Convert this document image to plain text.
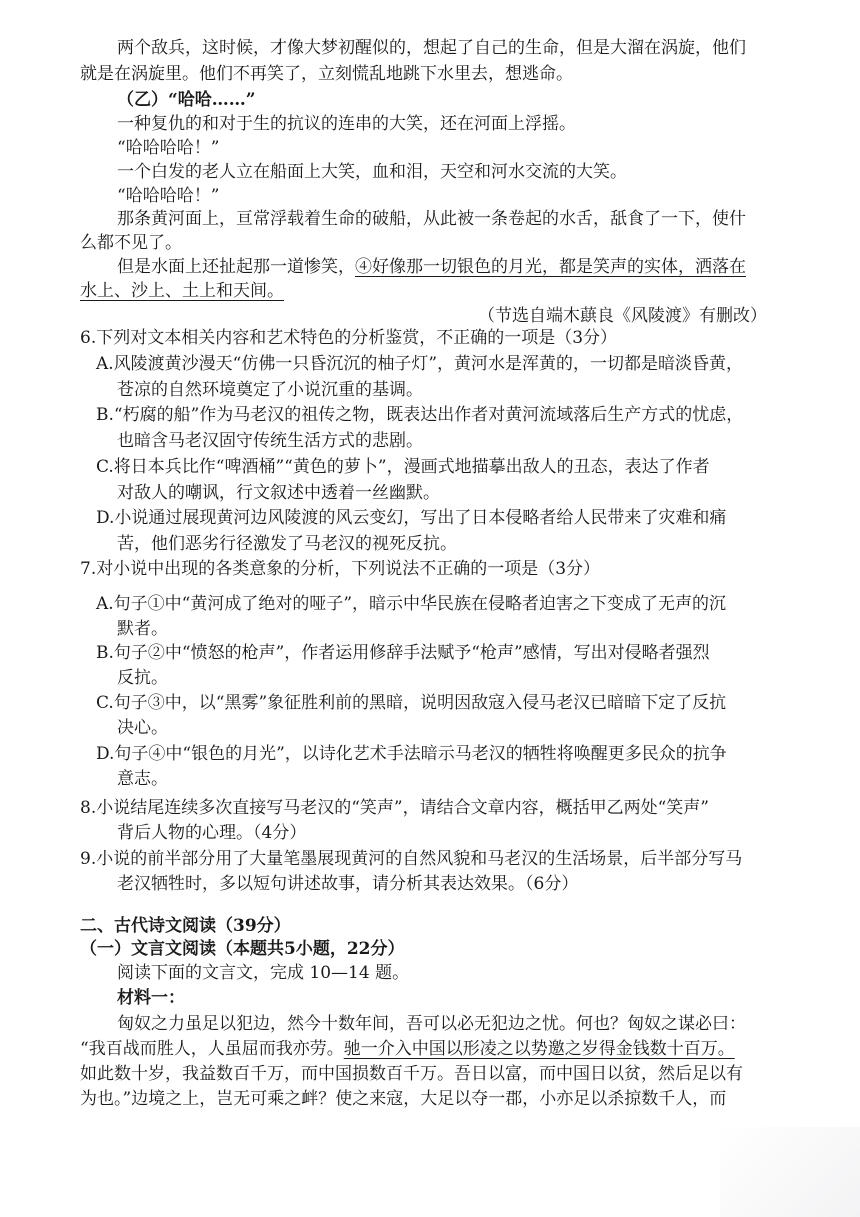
两个敌兵，这时候，才像大梦初醒似的，想起了自己的生命，但是大溜在涡旋，他们
就是在涡旋里。他们不再笑了，立刻慌乱地跳下水里去，想逃命。
（乙）“哈哈……”
一种复仇的和对于生的抗议的连串的大笑，还在河面上浮摇。
“哈哈哈哈！”
一个白发的老人立在船面上大笑，血和泪，天空和河水交流的大笑。
“哈哈哈哈！”
那条黄河面上，亘常浮载着生命的破船，从此被一条卷起的水舌，舐食了一下，使什
么都不见了。
但是水面上还扯起那一道惨笑，④好像那一切银色的月光，都是笑声的实体，洒落在
水上、沙上、土上和天间。
（节选自端木蕻良《风陵渡》有删改）
6.下列对文本相关内容和艺术特色的分析鉴赏，不正确的一项是（3分）
A.风陵渡黄沙漫天“仿佛一只昏沉沉的柚子灯”，黄河水是浑黄的，一切都是暗淡昏黄，
苍凉的自然环境奠定了小说沉重的基调。
B.“朽腐的船”作为马老汉的祖传之物，既表达出作者对黄河流域落后生产方式的忧虑，
也暗含马老汉固守传统生活方式的悲剧。
C.将日本兵比作“啤酒桶”“黄色的萝卜”，漫画式地描摹出敌人的丑态，表达了作者
对敌人的嘲讽，行文叙述中透着一丝幽默。
D.小说通过展现黄河边风陵渡的风云变幻，写出了日本侵略者给人民带来了灾难和痛
苦，他们恶劣行径激发了马老汉的视死反抗。
7.对小说中出现的各类意象的分析，下列说法不正确的一项是（3分）
A.句子①中“黄河成了绝对的哑子”，暗示中华民族在侵略者迫害之下变成了无声的沉
默者。
B.句子②中“愤怒的枪声”，作者运用修辞手法赋予“枪声”感情，写出对侵略者强烈
反抗。
C.句子③中，以“黑雾”象征胜利前的黑暗，说明因敌寇入侵马老汉已暗暗下定了反抗
决心。
D.句子④中“银色的月光”，以诗化艺术手法暗示马老汉的牺牲将唤醒更多民众的抗争
意志。
8.小说结尾连续多次直接写马老汉的“笑声”，请结合文章内容，概括甲乙两处“笑声”
背后人物的心理。（4分）
9.小说的前半部分用了大量笔墨展现黄河的自然风貌和马老汉的生活场景，后半部分写马
老汉牺牲时，多以短句讲述故事，请分析其表达效果。（6分）
二、古代诗文阅读（39分）
（一）文言文阅读（本题共5小题，22分）
阅读下面的文言文，完成 10—14 题。
材料一：
匈奴之力虽足以犯边，然今十数年间，吾可以必无犯边之忧。何也？匈奴之谋必曰：
“我百战而胜人，人虽屈而我亦劳。驰一介入中国以形凌之以势邀之岁得金钱数十百万。
如此数十岁，我益数百千万，而中国损数百千万。吾日以富，而中国日以贫，然后足以有
为也。”边境之上，岂无可乘之衅？使之来寇，大足以夺一郡，小亦足以杀掠数千人，而
